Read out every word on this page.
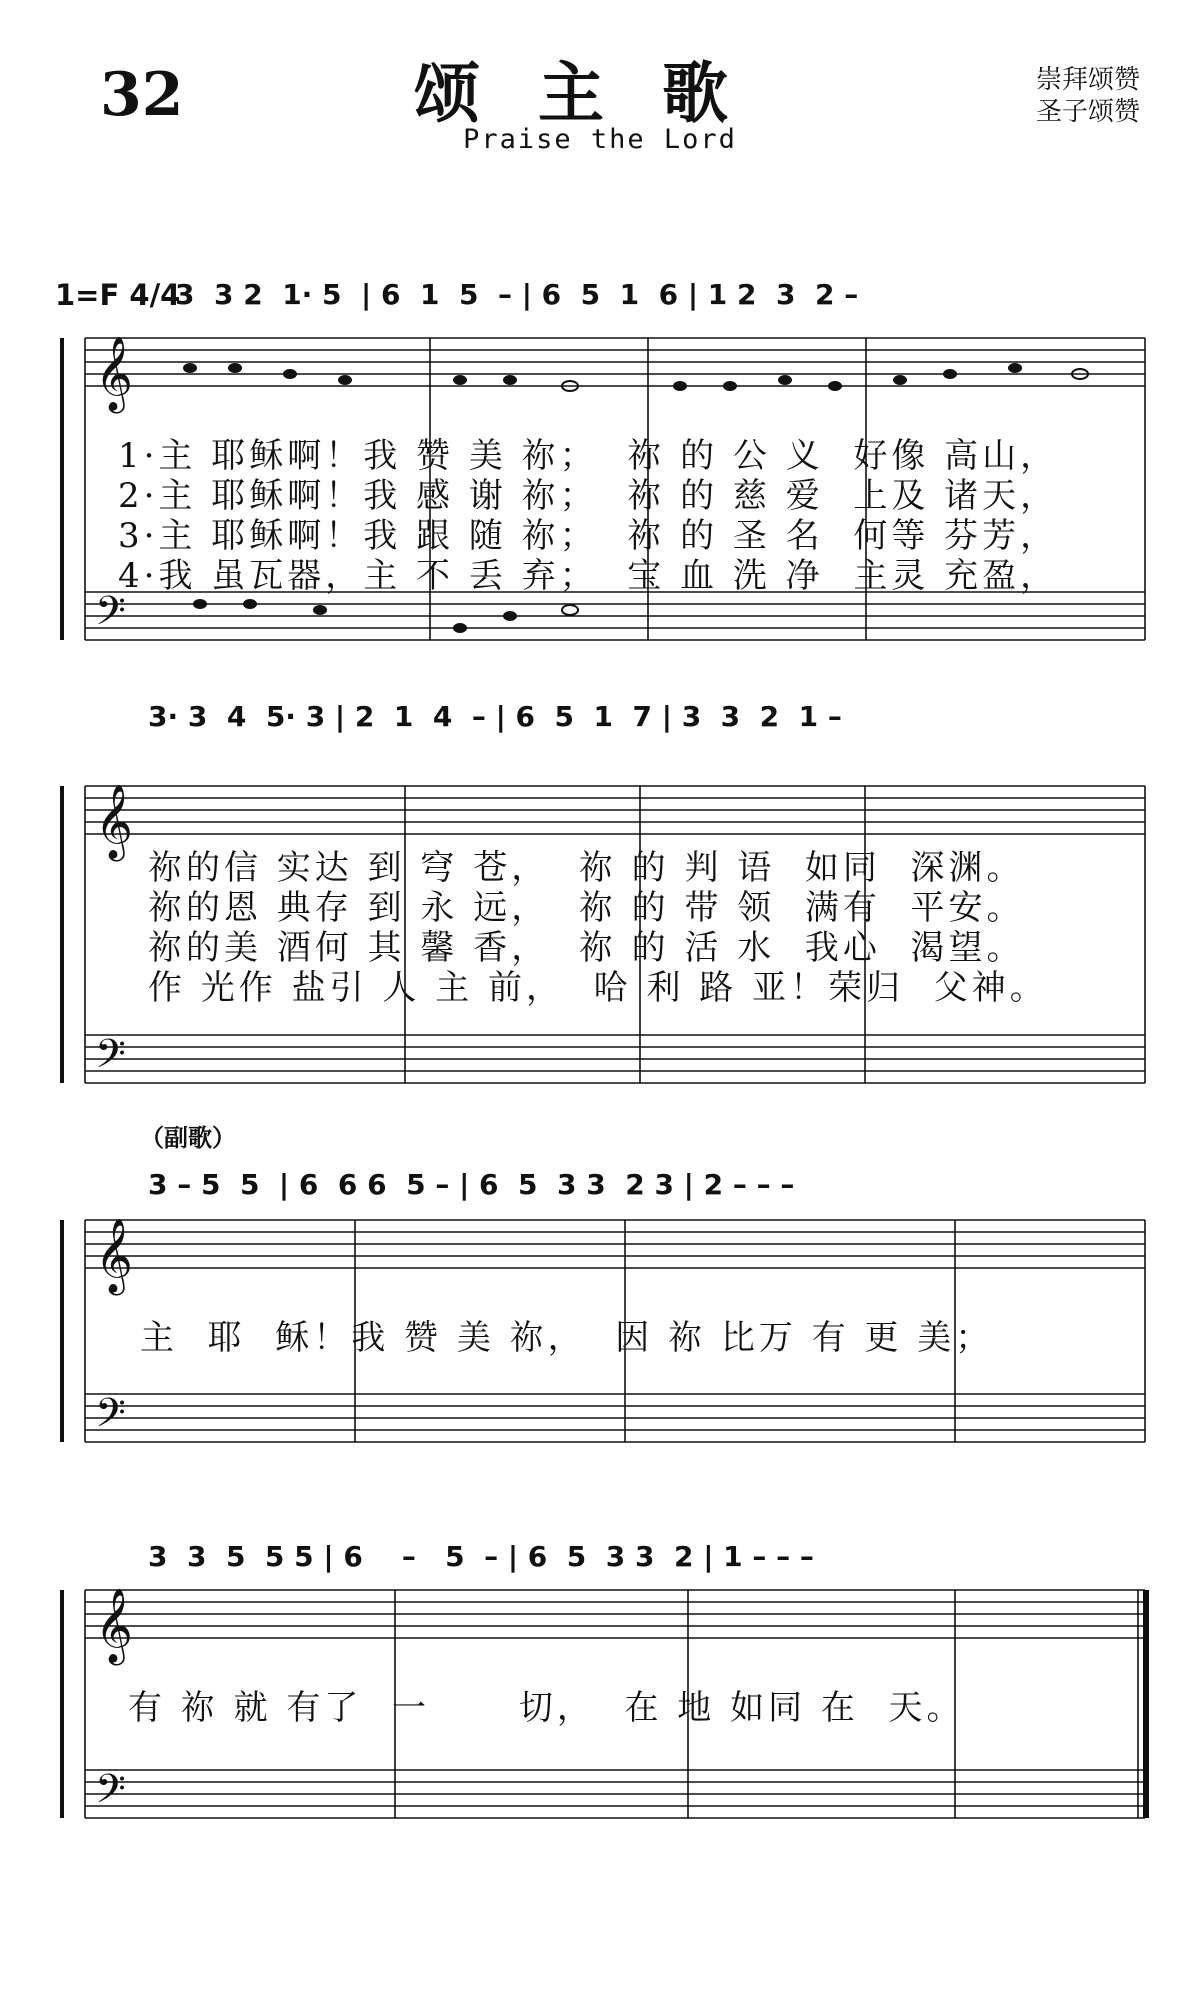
32	颂主歌
Praise the Lord
崇拜颂赞
圣子颂赞
1=F 4/4
3  3 2  1· 5  | 6  1  5  – | 6  5  1  6 | 1 2  3  2 –
1·主 耶稣啊！我 赞 美 祢；  祢 的 公 义  好像 高山，
2·主 耶稣啊！我 感 谢 祢；  祢 的 慈 爱  上及 诸天，
3·主 耶稣啊！我 跟 随 祢；  祢 的 圣 名  何等 芬芳，
4·我 虽瓦器，主 不 丢 弃；  宝 血 洗 净  主灵 充盈，
3· 3  4  5· 3 | 2  1  4  – | 6  5  1  7 | 3  3  2  1 –
祢的信 实达 到 穹 苍，  祢 的 判 语  如同  深渊。
祢的恩 典存 到 永 远，  祢 的 带 领  满有  平安。
祢的美 酒何 其 馨 香，  祢 的 活 水  我心  渴望。
作 光作 盐引 人 主 前，  哈 利 路 亚！荣归  父神。
（副歌）
3 – 5  5  | 6  6 6  5 – | 6  5  3 3  2 3 | 2 – – –
主  耶  稣！我 赞 美 祢，  因 祢 比万 有 更 美；
3  3  5  5 5 | 6    –   5  – | 6  5  3 3  2 | 1 – – –
有 祢 就 有了  一      切，  在 地 如同 在  天。
𝄞
𝄢
𝄞
𝄢
𝄞
𝄢
𝄞
𝄢
